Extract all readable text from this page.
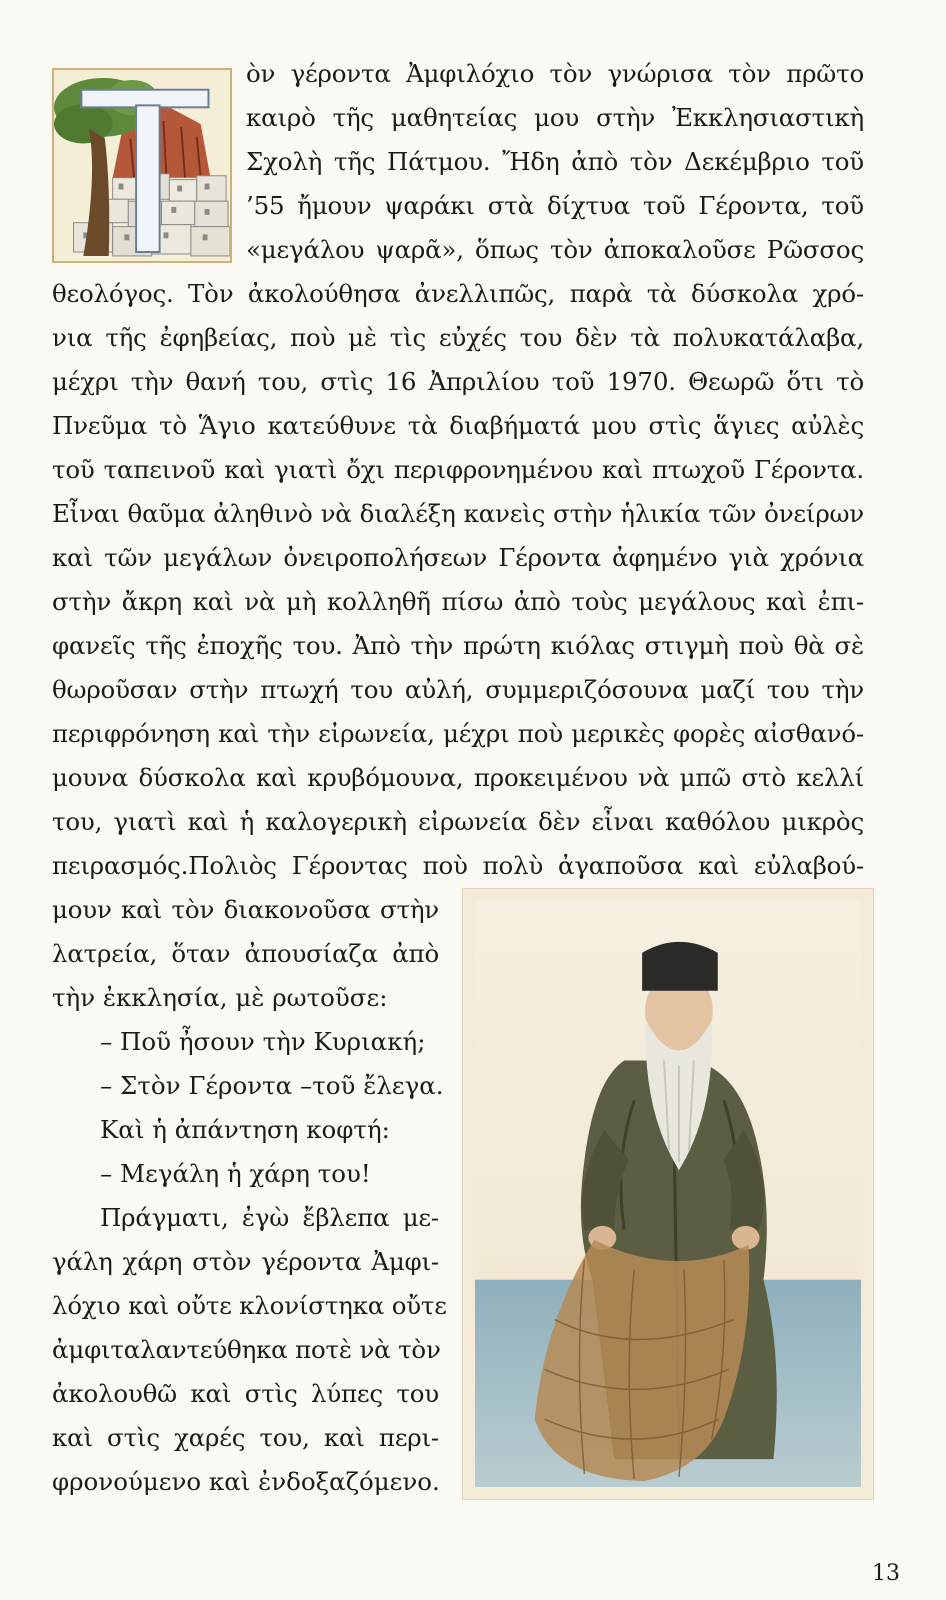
ὸν γέροντα Ἀμφιλόχιο τὸν γνώρισα τὸν πρῶτο
καιρὸ τῆς μαθητείας μου στὴν Ἐκκλησιαστικὴ
Σχολὴ τῆς Πάτμου. Ἤδη ἀπὸ τὸν Δεκέμβριο τοῦ
’55 ἤμουν ψαράκι στὰ δίχτυα τοῦ Γέροντα, τοῦ
«μεγάλου ψαρᾶ», ὅπως τὸν ἀποκαλοῦσε Ρῶσσος
θεολόγος. Τὸν ἀκολούθησα ἀνελλιπῶς, παρὰ τὰ δύσκολα χρό-
νια τῆς ἐφηβείας, ποὺ μὲ τὶς εὐχές του δὲν τὰ πολυκατάλαβα,
μέχρι τὴν θανή του, στὶς 16 Ἀπριλίου τοῦ 1970. Θεωρῶ ὅτι τὸ
Πνεῦμα τὸ Ἅγιο κατεύθυνε τὰ διαβήματά μου στὶς ἅγιες αὐλὲς
τοῦ ταπεινοῦ καὶ γιατὶ ὄχι περιφρονημένου καὶ πτωχοῦ Γέροντα.
Εἶναι θαῦμα ἀληθινὸ νὰ διαλέξη κανεὶς στὴν ἡλικία τῶν ὀνείρων
καὶ τῶν μεγάλων ὀνειροπολήσεων Γέροντα ἀφημένο γιὰ χρόνια
στὴν ἄκρη καὶ νὰ μὴ κολληθῆ πίσω ἀπὸ τοὺς μεγάλους καὶ ἐπι-
φανεῖς τῆς ἐποχῆς του. Ἀπὸ τὴν πρώτη κιόλας στιγμὴ ποὺ θὰ σὲ
θωροῦσαν στὴν πτωχή του αὐλή, συμμεριζόσουνα μαζί του τὴν
περιφρόνηση καὶ τὴν εἰρωνεία, μέχρι ποὺ μερικὲς φορὲς αἰσθανό-
μουνα δύσκολα καὶ κρυβόμουνα, προκειμένου νὰ μπῶ στὸ κελλί
του, γιατὶ καὶ ἡ καλογερικὴ εἰρωνεία δὲν εἶναι καθόλου μικρὸς
πειρασμός.Πολιὸς Γέροντας ποὺ πολὺ ἀγαποῦσα καὶ εὐλαβού-
μουν καὶ τὸν διακονοῦσα στὴν
λατρεία, ὅταν ἀπουσίαζα ἀπὸ
τὴν ἐκκλησία, μὲ ρωτοῦσε:
– Ποῦ ἦσουν τὴν Κυριακή;
– Στὸν Γέροντα –τοῦ ἔλεγα.
Καὶ ἡ ἀπάντηση κοφτή:
– Μεγάλη ἡ χάρη του!
Πράγματι, ἐγὼ ἔβλεπα με-
γάλη χάρη στὸν γέροντα Ἀμφι-
λόχιο καὶ οὔτε κλονίστηκα οὔτε
ἀμφιταλαντεύθηκα ποτὲ νὰ τὸν
ἀκολουθῶ καὶ στὶς λύπες του
καὶ στὶς χαρές του, καὶ περι-
φρονούμενο καὶ ἐνδοξαζόμενο.
13
